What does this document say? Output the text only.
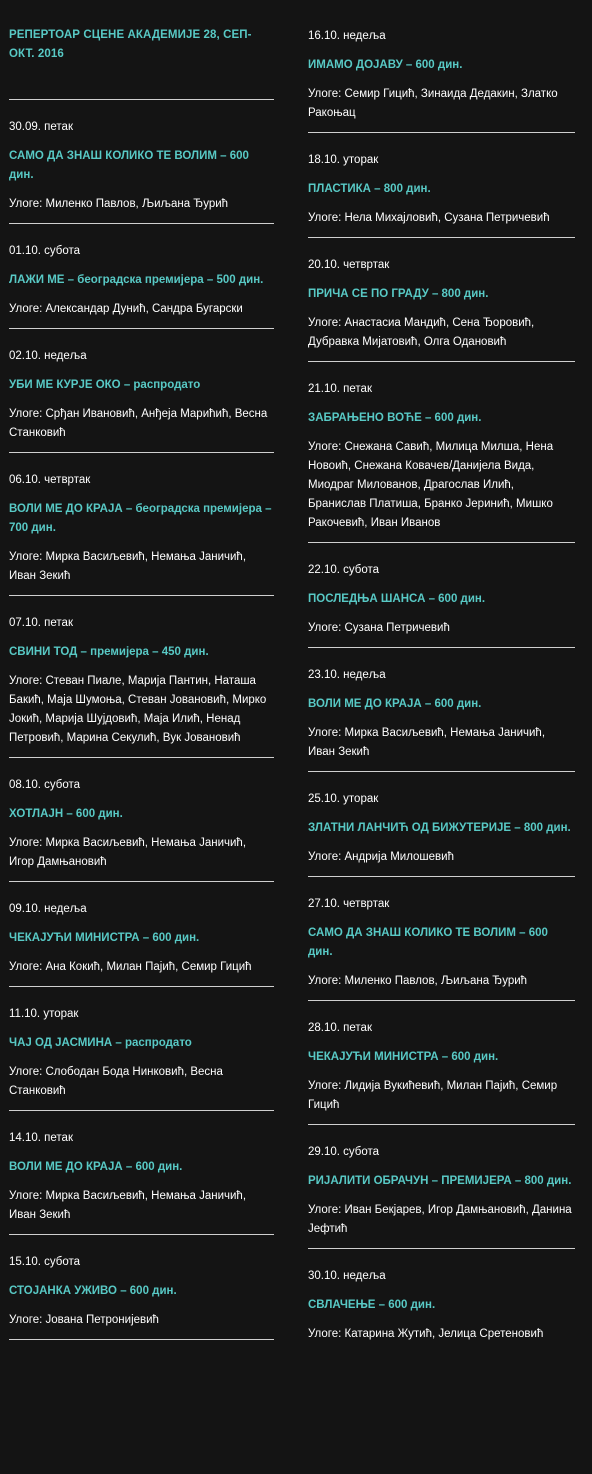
РЕПЕРТОАР СЦЕНЕ АКАДЕМИЈЕ 28, СЕП-ОКТ. 2016
30.09. петак
САМО ДА ЗНАШ КОЛИКО ТЕ ВОЛИМ – 600 дин.
Улоге: Миленко Павлов, Љиљана Ђурић
01.10. субота
ЛАЖИ МЕ – београдска премијера – 500 дин.
Улоге: Александар Дунић, Сандра Бугарски
02.10. недеља
УБИ МЕ КУРЈЕ ОКО – распродато
Улоге: Срђан Ивановић, Анђеја Марићић, Весна Станковић
06.10. четвртак
ВОЛИ МЕ ДО КРАЈА – београдска премијера – 700 дин.
Улоге: Мирка Васиљевић, Немања Јаничић, Иван Зекић
07.10. петак
СВИНИ ТОД – премијера – 450 дин.
Улоге: Стеван Пиале, Марија Пантин, Наташа Бакић, Маја Шумоња, Стеван Јовановић, Мирко Јокић, Марија Шујдовић, Маја Илић, Ненад Петровић, Марина Секулић, Вук Јовановић
08.10. субота
ХОТЛАЈН – 600 дин.
Улоге: Мирка Васиљевић, Немања Јаничић, Игор Дамњановић
09.10. недеља
ЧЕКАЈУЋИ МИНИСТРА – 600 дин.
Улоге: Ана Кокић, Милан Пајић, Семир Гицић
11.10. уторак
ЧАЈ ОД ЈАСМИНА – распродато
Улоге: Слободан Бода Нинковић, Весна Станковић
14.10. петак
ВОЛИ МЕ ДО КРАЈА – 600 дин.
Улоге: Мирка Васиљевић, Немања Јаничић, Иван Зекић
15.10. субота
СТОЈАНКА УЖИВО – 600 дин.
Улоге: Јована Петронијевић
16.10. недеља
ИМАМО ДОЈАВУ – 600 дин.
Улоге: Семир Гицић, Зинаида Дедакин, Златко Ракоњац
18.10. уторак
ПЛАСТИКА – 800 дин.
Улоге: Нела Михајловић, Сузана Петричевић
20.10. четвртак
ПРИЧА СЕ ПО ГРАДУ – 800 дин.
Улоге: Анастасиа Мандић, Сена Ђоровић, Дубравка Мијатовић, Олга Одановић
21.10. петак
ЗАБРАЊЕНО ВОЋЕ – 600 дин.
Улоге: Снежана Савић, Милица Милша, Нена Новоић, Снежана Ковачев/Данијела Вида, Миодраг Милованов, Драгослав Илић, Бранислав Платиша, Бранко Јеринић, Мишко Ракочевић, Иван Иванов
22.10. субота
ПОСЛЕДЊА ШАНСА – 600 дин.
Улоге: Сузана Петричевић
23.10. недеља
ВОЛИ МЕ ДО КРАЈА – 600 дин.
Улоге: Мирка Васиљевић, Немања Јаничић, Иван Зекић
25.10. уторак
ЗЛАТНИ ЛАНЧИЋ ОД БИЖУТЕРИЈЕ – 800 дин.
Улоге: Андрија Милошевић
27.10. четвртак
САМО ДА ЗНАШ КОЛИКО ТЕ ВОЛИМ – 600 дин.
Улоге: Миленко Павлов, Љиљана Ђурић
28.10. петак
ЧЕКАЈУЋИ МИНИСТРА – 600 дин.
Улоге: Лидија Вукићевић, Милан Пајић, Семир Гицић
29.10. субота
РИЈАЛИТИ ОБРАЧУН – ПРЕМИЈЕРА – 800 дин.
Улоге: Иван Бекјарев, Игор Дамњановић, Данина Јефтић
30.10. недеља
СВЛАЧЕЊЕ – 600 дин.
Улоге: Катарина Жутић, Јелица Сретеновић
